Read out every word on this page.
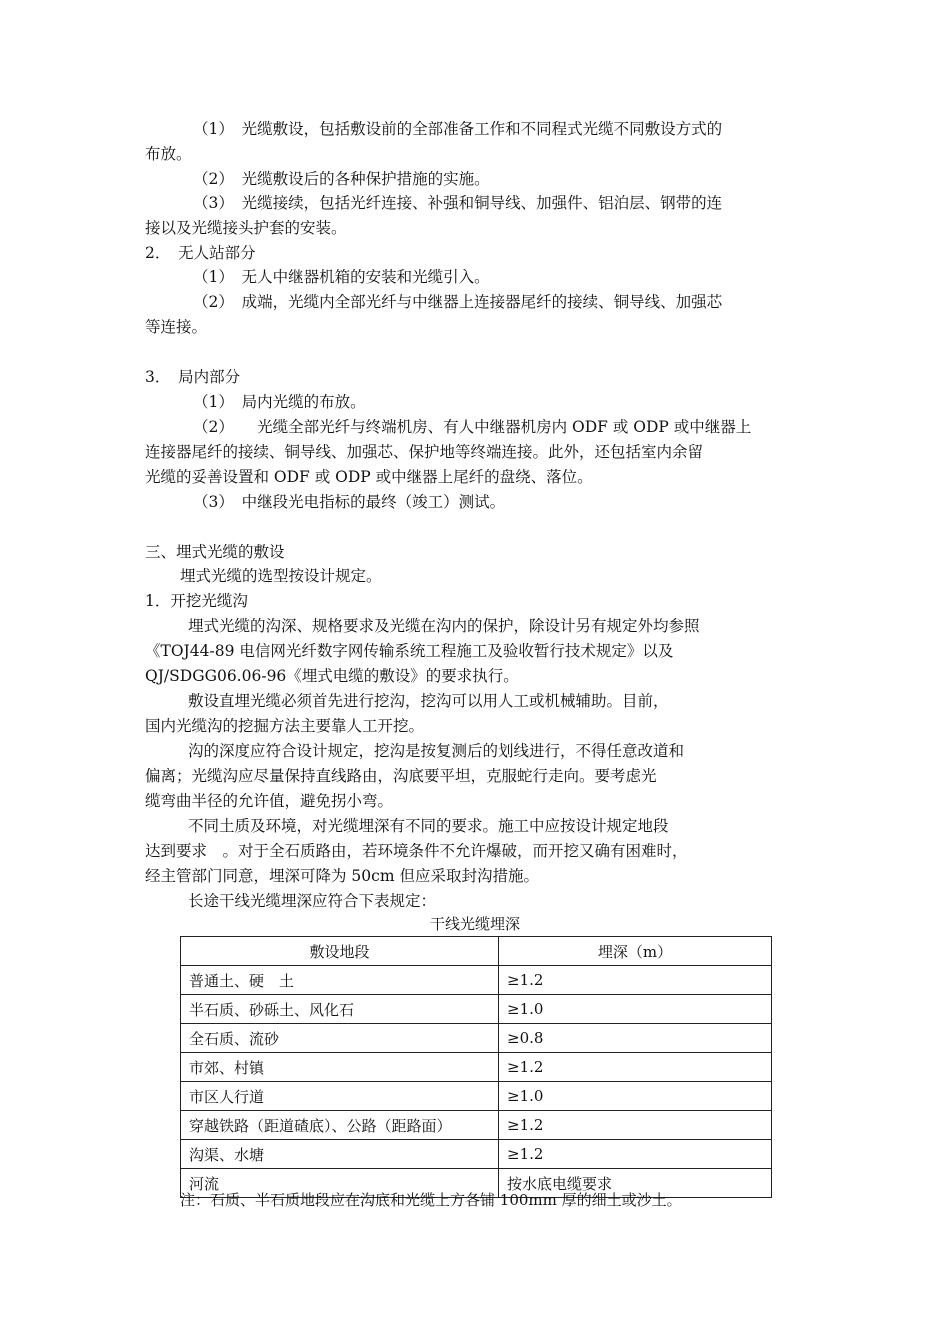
（1）　光缆敷设，包括敷设前的全部准备工作和不同程式光缆不同敷设方式的
布放。
（2）　光缆敷设后的各种保护措施的实施。
（3）　光缆接续，包括光纤连接、补强和铜导线、加强件、铝泊层、钢带的连
接以及光缆接头护套的安装。
2．　无人站部分
（1）　无人中继器机箱的安装和光缆引入。
（2）　成端，光缆内全部光纤与中继器上连接器尾纤的接续、铜导线、加强芯
等连接。
3．　局内部分
（1）　局内光缆的布放。
（2）　　光缆全部光纤与终端机房、有人中继器机房内 ODF 或 ODP 或中继器上
连接器尾纤的接续、铜导线、加强芯、保护地等终端连接。此外，还包括室内余留
光缆的妥善设置和 ODF 或 ODP 或中继器上尾纤的盘绕、落位。
（3）　中继段光电指标的最终（竣工）测试。
三、埋式光缆的敷设
埋式光缆的选型按设计规定。
1．开挖光缆沟
埋式光缆的沟深、规格要求及光缆在沟内的保护，除设计另有规定外均参照
《TOJ44-89 电信网光纤数字网传输系统工程施工及验收暂行技术规定》以及
QJ/SDGG06.06-96《埋式电缆的敷设》的要求执行。
敷设直埋光缆必须首先进行挖沟，挖沟可以用人工或机械辅助。目前，
国内光缆沟的挖掘方法主要靠人工开挖。
沟的深度应符合设计规定，挖沟是按复测后的划线进行，不得任意改道和
偏离；光缆沟应尽量保持直线路由，沟底要平坦，克服蛇行走向。要考虑光
缆弯曲半径的允许值，避免拐小弯。
不同土质及环境，对光缆埋深有不同的要求。施工中应按设计规定地段
达到要求　。对于全石质路由，若环境条件不允许爆破，而开挖又确有困难时，
经主管部门同意，埋深可降为 50cm 但应采取封沟措施。
长途干线光缆埋深应符合下表规定：
干线光缆埋深
敷设地段	埋深（m）
普通土、硬　土	≥1.2
半石质、砂砾土、风化石	≥1.0
全石质、流砂	≥0.8
市郊、村镇	≥1.2
市区人行道	≥1.0
穿越铁路（距道碴底）、公路（距路面）	≥1.2
沟渠、水塘	≥1.2
河流	按水底电缆要求
注：石质、半石质地段应在沟底和光缆上方各铺 100mm 厚的细土或沙土。
